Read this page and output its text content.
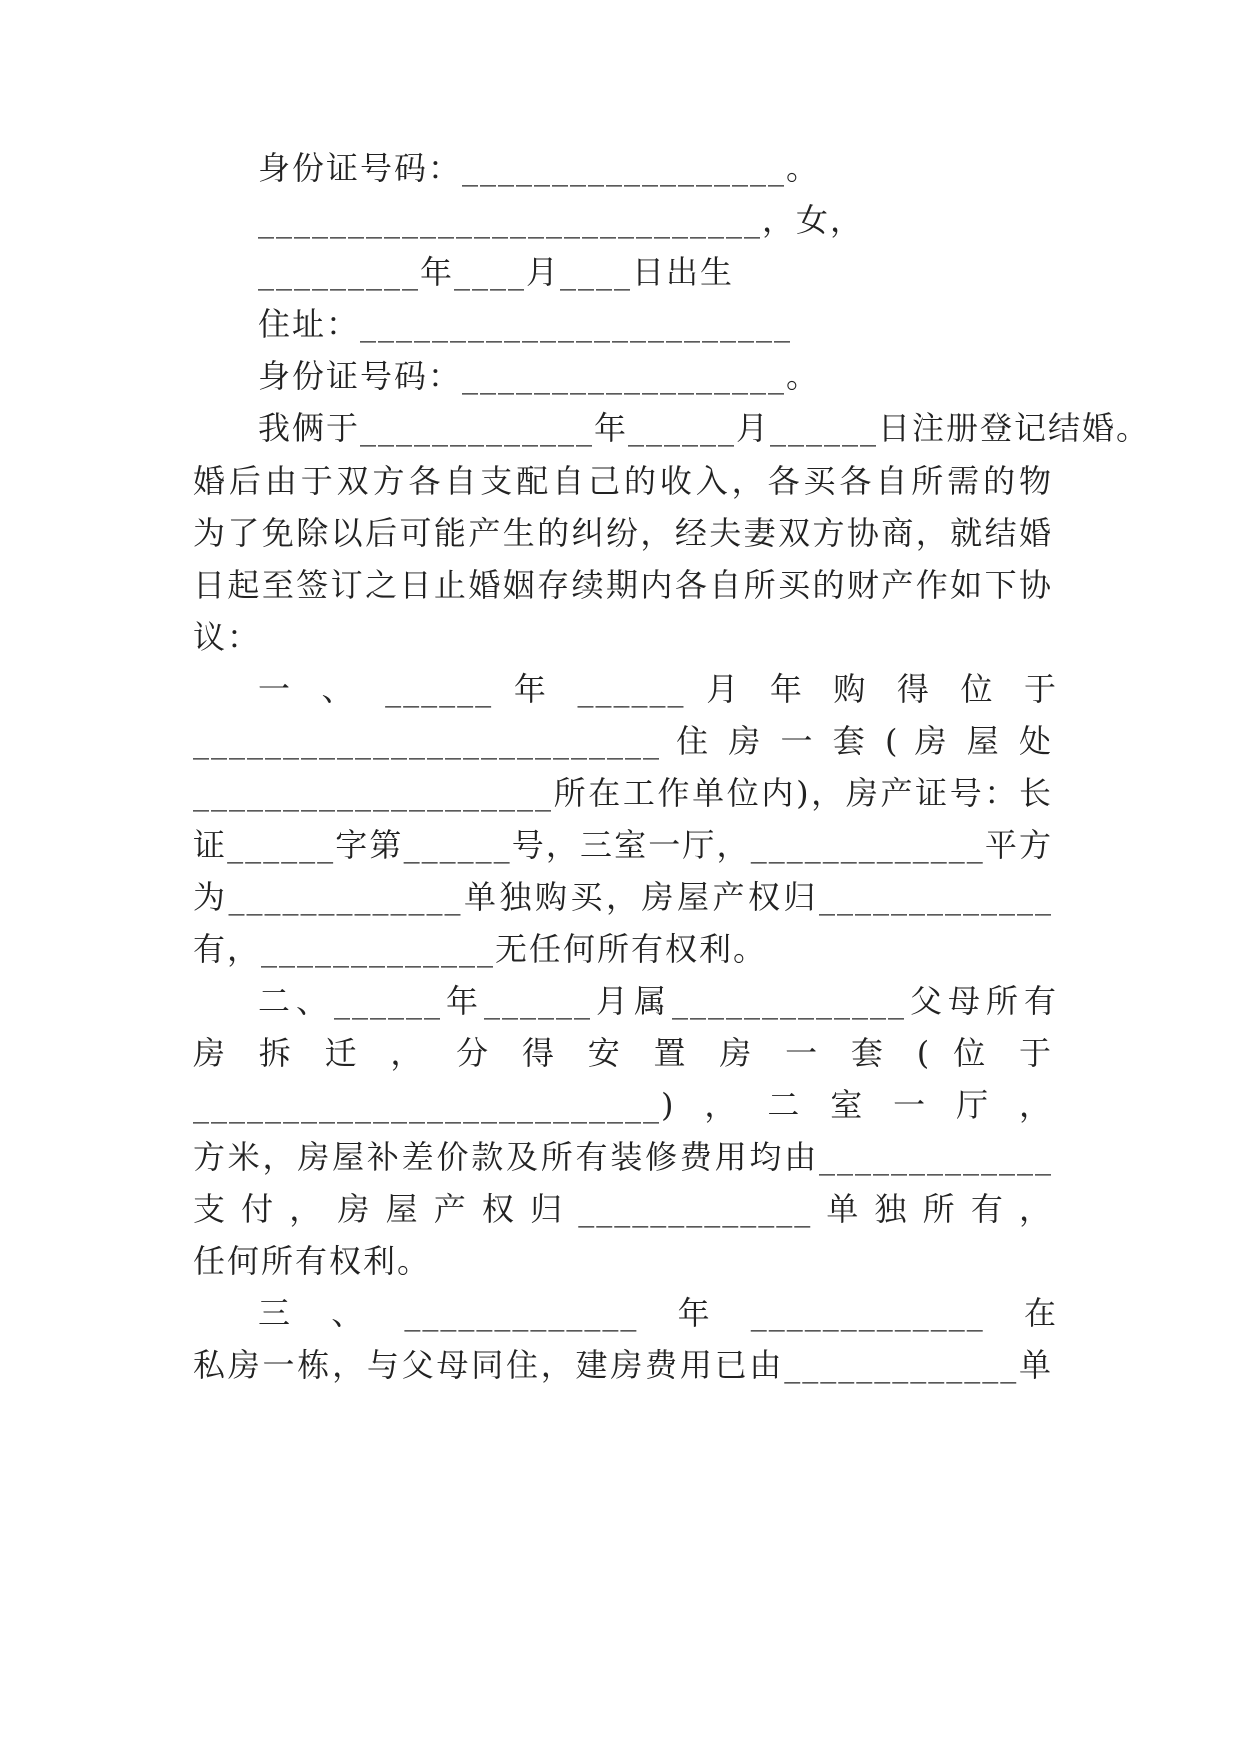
身份证号码：__________________。
____________________________，女，
_________年____月____日出生
住址：________________________
身份证号码：__________________。
我俩于_____________年______月______日注册登记结婚。
婚后由于双方各自支配自己的收入，各买各自所需的物
为了免除以后可能产生的纠纷，经夫妻双方协商，就结婚
日起至签订之日止婚姻存续期内各自所买的财产作如下协
议：
一 、 ______ 年 ______ 月 年 购 得 位 于
__________________________ 住 房 一 套 ( 房 屋 处
____________________所在工作单位内)，房产证号：长
证______字第______号，三室一厅，_____________平方
为_____________单独购买，房屋产权归_____________
有，_____________无任何所有权利。
二、______年______月属_____________父母所有
房 拆 迁 ， 分 得 安 置 房 一 套 ( 位 于
__________________________)，二室一厅，
方米，房屋补差价款及所有装修费用均由_____________
支付，房屋产权归_____________单独所有，
任何所有权利。
三、_____________年_____________在
私房一栋，与父母同住，建房费用已由_____________单
